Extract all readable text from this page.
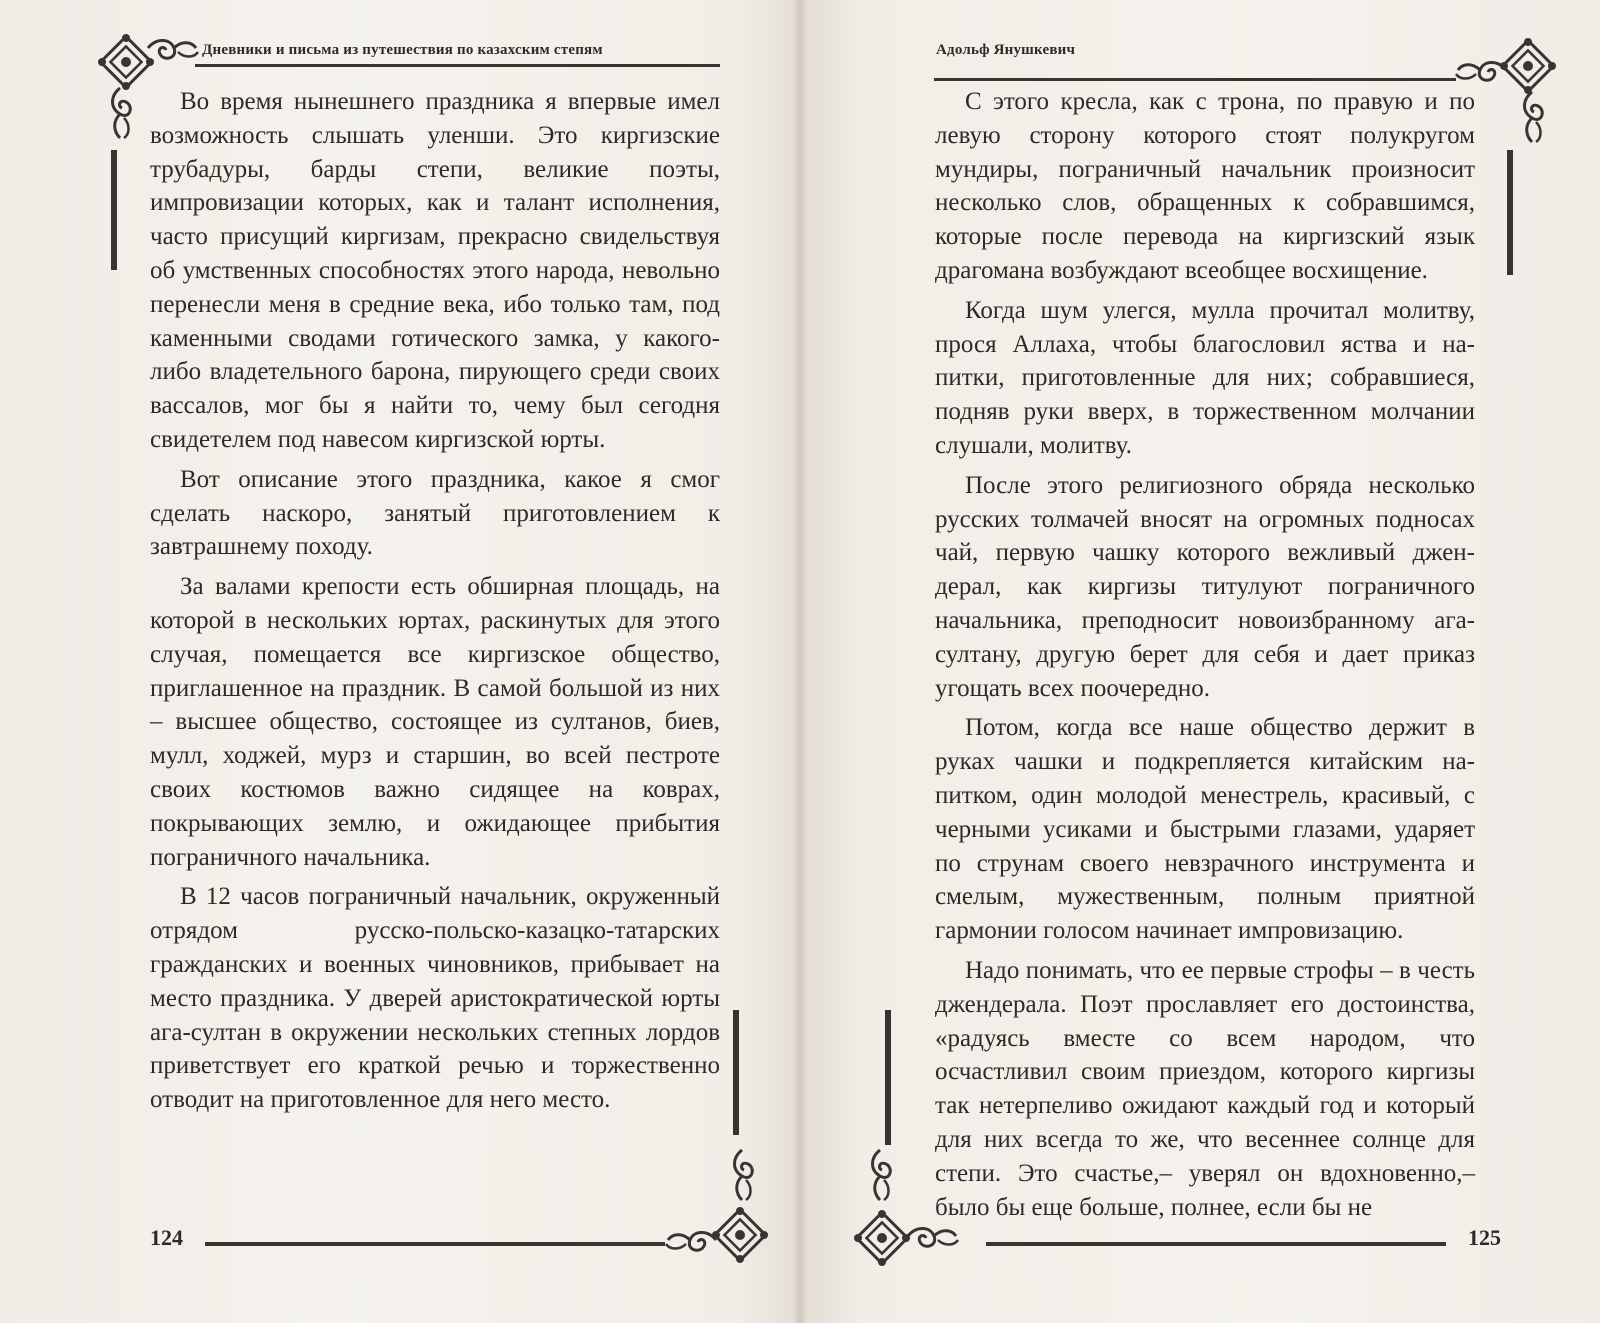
Дневники и письма из путешествия по казахским степям

Во время нынешнего праздника я впервые имел возможность слышать уленши. Это киргизские трубадуры, барды степи, великие поэты, импровизации которых, как и талант исполнения, часто присущий киргизам, прекрасно свидельствуя об умственных способностях этого народа, невольно перенесли меня в средние века, ибо только там, под каменными сводами готического замка, у какого-либо владетельного барона, пирующего среди своих вассалов, мог бы я найти то, чему был сегодня свидетелем под навесом киргизской юрты.

Вот описание этого праздника, какое я смог сделать наскоро, занятый приготовлением к завтрашнему походу.

За валами крепости есть обширная площадь, на которой в нескольких юртах, раскинутых для этого случая, помещается все киргизское общество, приглашенное на праздник. В самой большой из них – высшее общество, состоящее из султанов, биев, мулл, ходжей, мурз и старшин, во всей пестроте своих костюмов важно сидящее на коврах, покрывающих землю, и ожидающее прибытия пограничного начальника.

В 12 часов пограничный начальник, окруженный отрядом русско-польско-казацко-татарских гражданских и военных чиновников, прибывает на место праздника. У дверей аристократической юрты ага-султан в окружении нескольких степных лордов приветствует его краткой речью и торжественно отводит на приготовленное для него место.

124
Адольф Янушкевич

С этого кресла, как с трона, по правую и по левую сторону которого стоят полукругом мундиры, пограничный начальник произносит несколько слов, обращенных к собравшимся, которые после перевода на киргизский язык драгомана возбуждают всеобщее восхищение.

Когда шум улегся, мулла прочитал молитву, прося Аллаха, чтобы благословил яства и напитки, приготовленные для них; собравшиеся, подняв руки вверх, в торжественном молчании слушали, молитву.

После этого религиозного обряда несколько русских толмачей вносят на огромных подносах чай, первую чашку которого вежливый джендерал, как киргизы титулуют пограничного начальника, преподносит новоизбранному ага-султану, другую берет для себя и дает приказ угощать всех поочередно.

Потом, когда все наше общество держит в руках чашки и подкрепляется китайским напитком, один молодой менестрель, красивый, с черными усиками и быстрыми глазами, ударяет по струнам своего невзрачного инструмента и смелым, мужественным, полным приятной гармонии голосом начинает импровизацию.

Надо понимать, что ее первые строфы – в честь джендерала. Поэт прославляет его достоинства, «радуясь вместе со всем народом, что осчастливил своим приездом, которого киргизы так нетерпеливо ожидают каждый год и который для них всегда то же, что весеннее солнце для степи. Это счастье,– уверял он вдохновенно,– было бы еще больше, полнее, если бы не

125
